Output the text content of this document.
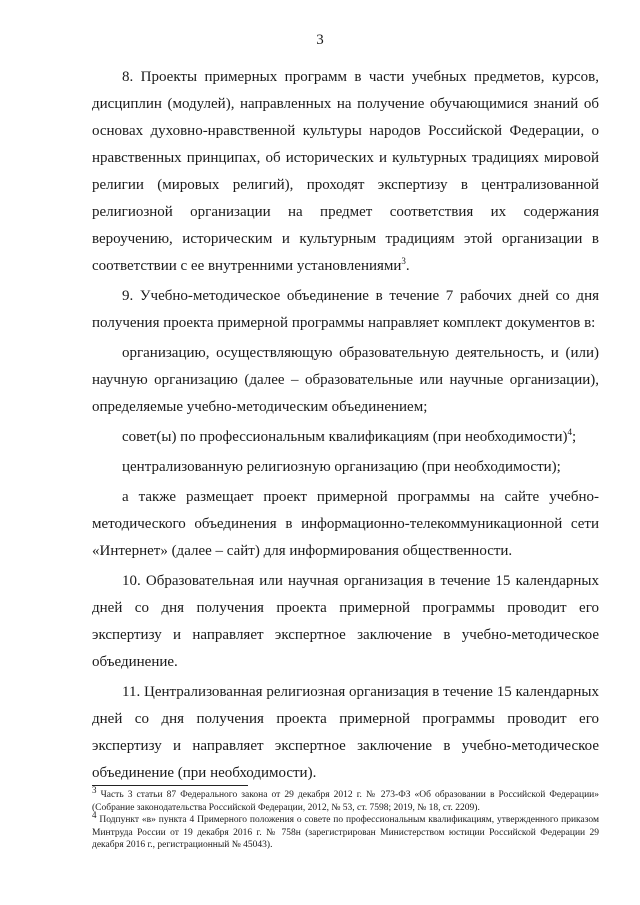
3

8. Проекты примерных программ в части учебных предметов, курсов, дисциплин (модулей), направленных на получение обучающимися знаний об основах духовно-нравственной культуры народов Российской Федерации, о нравственных принципах, об исторических и культурных традициях мировой религии (мировых религий), проходят экспертизу в централизованной религиозной организации на предмет соответствия их содержания вероучению, историческим и культурным традициям этой организации в соответствии с ее внутренними установлениями$^3$.

9. Учебно-методическое объединение в течение 7 рабочих дней со дня получения проекта примерной программы направляет комплект документов в:

организацию, осуществляющую образовательную деятельность, и (или) научную организацию (далее – образовательные или научные организации), определяемые учебно-методическим объединением;

совет(ы) по профессиональным квалификациям (при необходимости)$^4$;

централизованную религиозную организацию (при необходимости);

а также размещает проект примерной программы на сайте учебно-методического объединения в информационно-телекоммуникационной сети «Интернет» (далее – сайт) для информирования общественности.

10. Образовательная или научная организация в течение 15 календарных дней со дня получения проекта примерной программы проводит его экспертизу и направляет экспертное заключение в учебно-методическое объединение.

11. Централизованная религиозная организация в течение 15 календарных дней со дня получения проекта примерной программы проводит его экспертизу и направляет экспертное заключение в учебно-методическое объединение (при необходимости).

$^3$ Часть 3 статьи 87 Федерального закона от 29 декабря 2012 г. № 273-ФЗ «Об образовании в Российской Федерации» (Собрание законодательства Российской Федерации, 2012, № 53, ст. 7598; 2019, № 18, ст. 2209).

$^4$ Подпункт «в» пункта 4 Примерного положения о совете по профессиональным квалификациям, утвержденного приказом Минтруда России от 19 декабря 2016 г. № 758н (зарегистрирован Министерством юстиции Российской Федерации 29 декабря 2016 г., регистрационный № 45043).
